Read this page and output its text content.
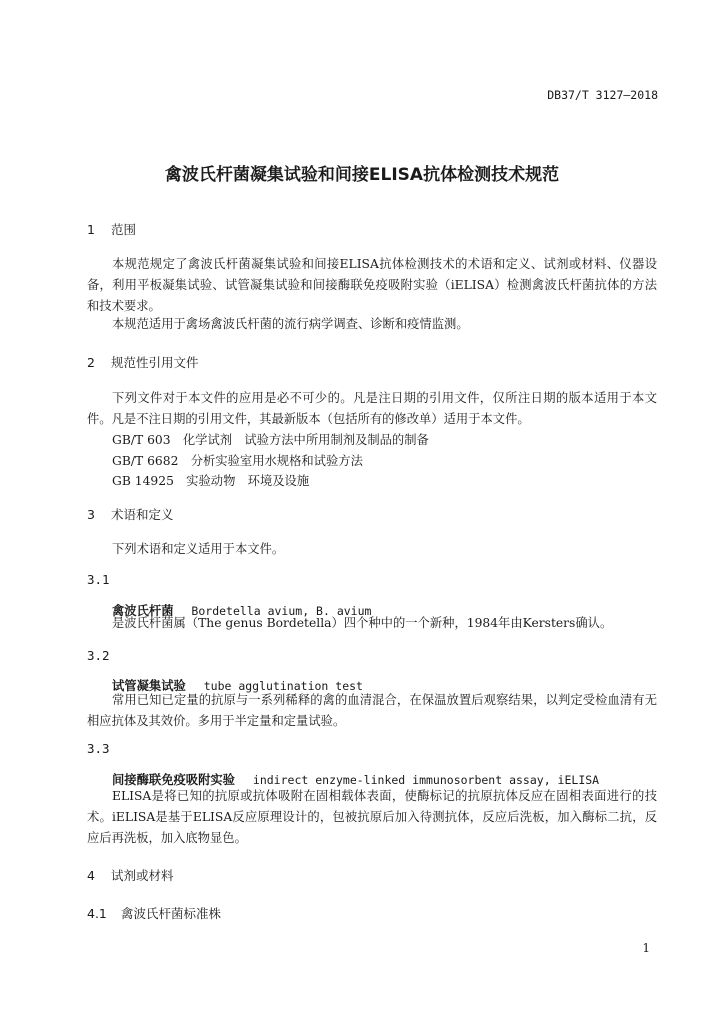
DB37/T 3127—2018
禽波氏杆菌凝集试验和间接ELISA抗体检测技术规范
1 范围
本规范规定了禽波氏杆菌凝集试验和间接ELISA抗体检测技术的术语和定义、试剂或材料、仪器设备，利用平板凝集试验、试管凝集试验和间接酶联免疫吸附实验（iELISA）检测禽波氏杆菌抗体的方法和技术要求。
本规范适用于禽场禽波氏杆菌的流行病学调查、诊断和疫情监测。
2 规范性引用文件
下列文件对于本文件的应用是必不可少的。凡是注日期的引用文件，仅所注日期的版本适用于本文件。凡是不注日期的引用文件，其最新版本（包括所有的修改单）适用于本文件。
GB/T 603　化学试剂　试验方法中所用制剂及制品的制备
GB/T 6682　分析实验室用水规格和试验方法
GB 14925　实验动物　环境及设施
3 术语和定义
下列术语和定义适用于本文件。
3.1
禽波氏杆菌 Bordetella avium, B. avium
是波氏杆菌属（The genus Bordetella）四个种中的一个新种，1984年由Kersters确认。
3.2
试管凝集试验 tube agglutination test
常用已知已定量的抗原与一系列稀释的禽的血清混合，在保温放置后观察结果，以判定受检血清有无相应抗体及其效价。多用于半定量和定量试验。
3.3
间接酶联免疫吸附实验 indirect enzyme-linked immunosorbent assay, iELISA
ELISA是将已知的抗原或抗体吸附在固相载体表面，使酶标记的抗原抗体反应在固相表面进行的技术。iELISA是基于ELISA反应原理设计的，包被抗原后加入待测抗体，反应后洗板，加入酶标二抗，反应后再洗板，加入底物显色。
4 试剂或材料
4.1 禽波氏杆菌标准株
1
